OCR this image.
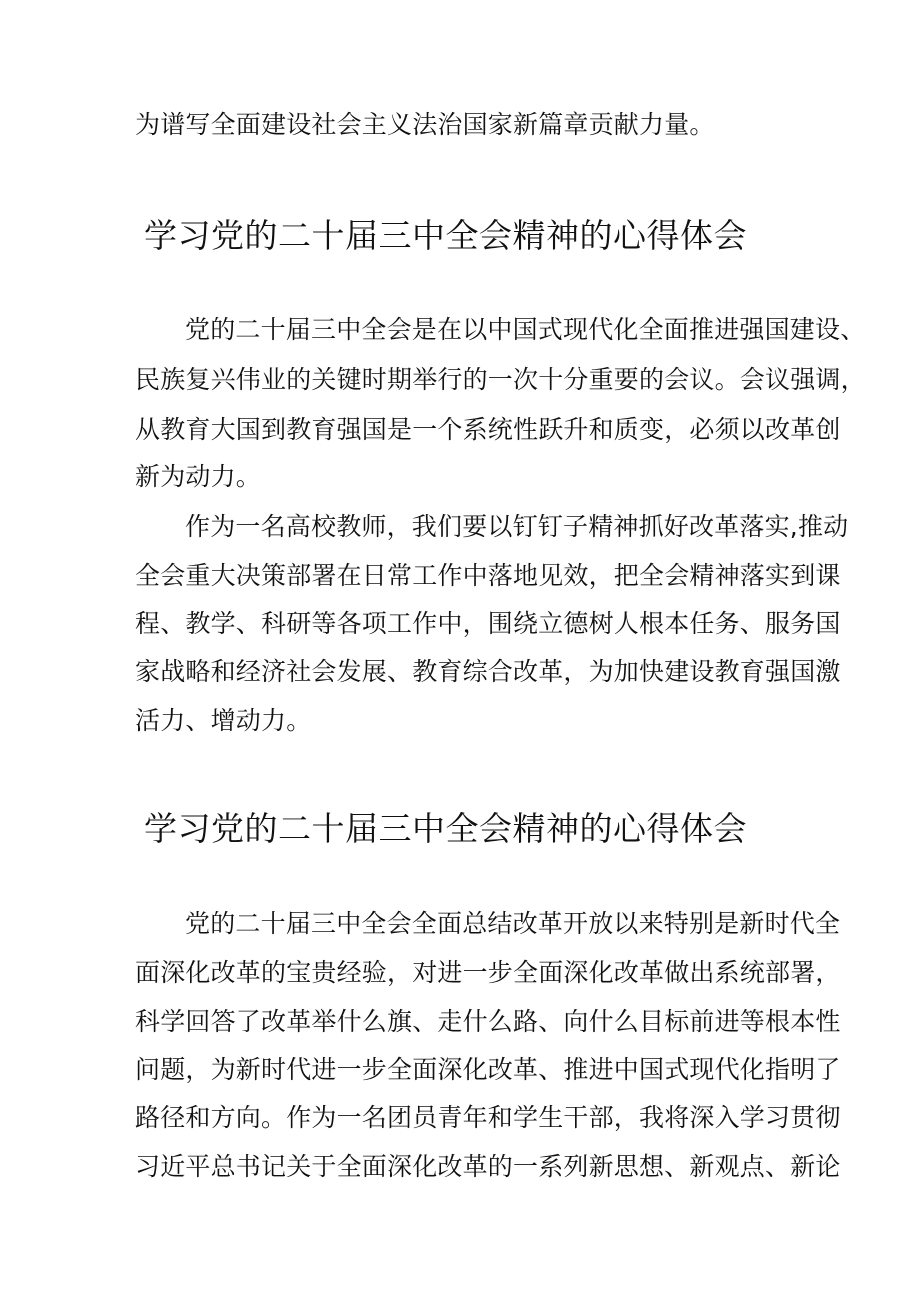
为谱写全面建设社会主义法治国家新篇章贡献力量。
学习党的二十届三中全会精神的心得体会
党的二十届三中全会是在以中国式现代化全面推进强国建设、
民族复兴伟业的关键时期举行的一次十分重要的会议。会议强调，
从教育大国到教育强国是一个系统性跃升和质变，必须以改革创
新为动力。
作为一名高校教师，我们要以钉钉子精神抓好改革落实,推动
全会重大决策部署在日常工作中落地见效，把全会精神落实到课
程、教学、科研等各项工作中，围绕立德树人根本任务、服务国
家战略和经济社会发展、教育综合改革，为加快建设教育强国激
活力、增动力。
学习党的二十届三中全会精神的心得体会
党的二十届三中全会全面总结改革开放以来特别是新时代全
面深化改革的宝贵经验，对进一步全面深化改革做出系统部署，
科学回答了改革举什么旗、走什么路、向什么目标前进等根本性
问题，为新时代进一步全面深化改革、推进中国式现代化指明了
路径和方向。作为一名团员青年和学生干部，我将深入学习贯彻
习近平总书记关于全面深化改革的一系列新思想、新观点、新论
